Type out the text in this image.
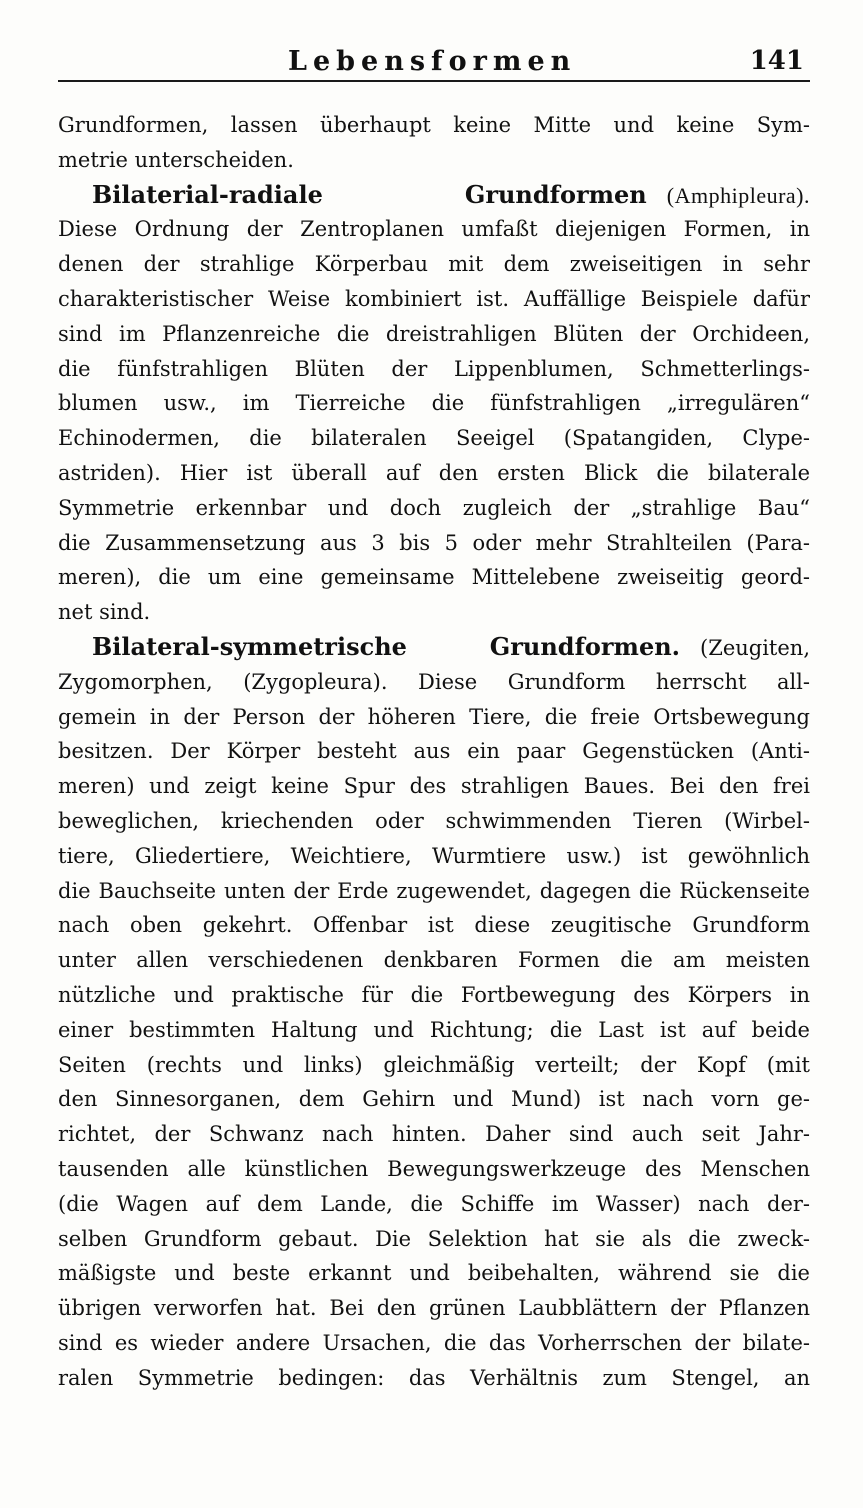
Lebensformen	141
Grundformen, lassen überhaupt keine Mitte und keine Sym-
metrie unterscheiden.
Bilaterial-radiale Grundformen (Amphipleura).
Diese Ordnung der Zentroplanen umfaßt diejenigen Formen, in
denen der strahlige Körperbau mit dem zweiseitigen in sehr
charakteristischer Weise kombiniert ist. Auffällige Beispiele dafür
sind im Pflanzenreiche die dreistrahligen Blüten der Orchideen,
die fünfstrahligen Blüten der Lippenblumen, Schmetterlings-
blumen usw., im Tierreiche die fünfstrahligen „irregulären“
Echinodermen, die bilateralen Seeigel (Spatangiden, Clype-
astriden). Hier ist überall auf den ersten Blick die bilaterale
Symmetrie erkennbar und doch zugleich der „strahlige Bau“
die Zusammensetzung aus 3 bis 5 oder mehr Strahlteilen (Para-
meren), die um eine gemeinsame Mittelebene zweiseitig geord-
net sind.
Bilateral-symmetrische Grundformen. (Zeugiten,
Zygomorphen, (Zygopleura). Diese Grundform herrscht all-
gemein in der Person der höheren Tiere, die freie Ortsbewegung
besitzen. Der Körper besteht aus ein paar Gegenstücken (Anti-
meren) und zeigt keine Spur des strahligen Baues. Bei den frei
beweglichen, kriechenden oder schwimmenden Tieren (Wirbel-
tiere, Gliedertiere, Weichtiere, Wurmtiere usw.) ist gewöhnlich
die Bauchseite unten der Erde zugewendet, dagegen die Rückenseite
nach oben gekehrt. Offenbar ist diese zeugitische Grundform
unter allen verschiedenen denkbaren Formen die am meisten
nützliche und praktische für die Fortbewegung des Körpers in
einer bestimmten Haltung und Richtung; die Last ist auf beide
Seiten (rechts und links) gleichmäßig verteilt; der Kopf (mit
den Sinnesorganen, dem Gehirn und Mund) ist nach vorn ge-
richtet, der Schwanz nach hinten. Daher sind auch seit Jahr-
tausenden alle künstlichen Bewegungswerkzeuge des Menschen
(die Wagen auf dem Lande, die Schiffe im Wasser) nach der-
selben Grundform gebaut. Die Selektion hat sie als die zweck-
mäßigste und beste erkannt und beibehalten, während sie die
übrigen verworfen hat. Bei den grünen Laubblättern der Pflanzen
sind es wieder andere Ursachen, die das Vorherrschen der bilate-
ralen Symmetrie bedingen: das Verhältnis zum Stengel, an
